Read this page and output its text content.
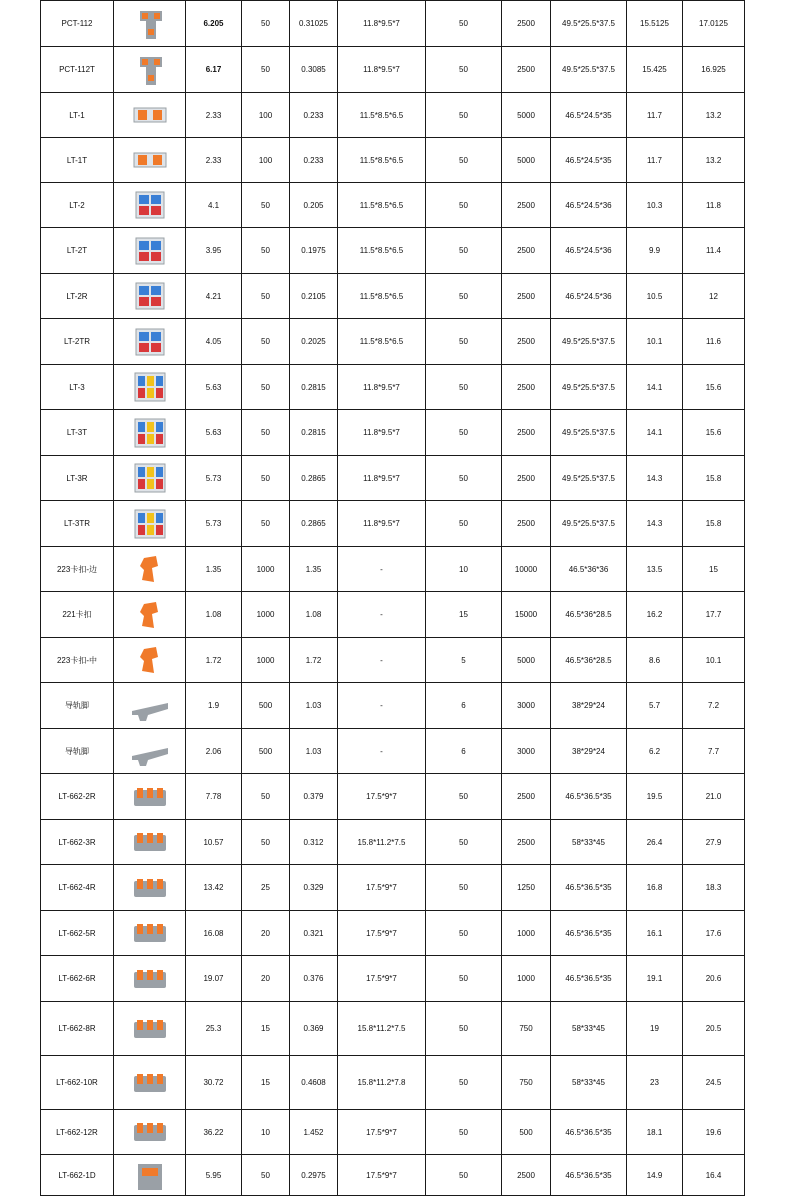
PCT-112		6.205	50	0.31025	11.8*9.5*7	50	2500	49.5*25.5*37.5	15.5125	17.0125

PCT-112T		6.17	50	0.3085	11.8*9.5*7	50	2500	49.5*25.5*37.5	15.425	16.925

LT-1		2.33	100	0.233	11.5*8.5*6.5	50	5000	46.5*24.5*35	11.7	13.2

LT-1T		2.33	100	0.233	11.5*8.5*6.5	50	5000	46.5*24.5*35	11.7	13.2

LT-2		4.1	50	0.205	11.5*8.5*6.5	50	2500	46.5*24.5*36	10.3	11.8

LT-2T		3.95	50	0.1975	11.5*8.5*6.5	50	2500	46.5*24.5*36	9.9	11.4

LT-2R		4.21	50	0.2105	11.5*8.5*6.5	50	2500	46.5*24.5*36	10.5	12

LT-2TR		4.05	50	0.2025	11.5*8.5*6.5	50	2500	49.5*25.5*37.5	10.1	11.6

LT-3		5.63	50	0.2815	11.8*9.5*7	50	2500	49.5*25.5*37.5	14.1	15.6

LT-3T		5.63	50	0.2815	11.8*9.5*7	50	2500	49.5*25.5*37.5	14.1	15.6

LT-3R		5.73	50	0.2865	11.8*9.5*7	50	2500	49.5*25.5*37.5	14.3	15.8

LT-3TR		5.73	50	0.2865	11.8*9.5*7	50	2500	49.5*25.5*37.5	14.3	15.8

223卡扣-边		1.35	1000	1.35	-	10	10000	46.5*36*36	13.5	15

221卡扣		1.08	1000	1.08	-	15	15000	46.5*36*28.5	16.2	17.7

223卡扣-中		1.72	1000	1.72	-	5	5000	46.5*36*28.5	8.6	10.1

导轨脚		1.9	500	1.03	-	6	3000	38*29*24	5.7	7.2

导轨脚		2.06	500	1.03	-	6	3000	38*29*24	6.2	7.7

LT-662-2R		7.78	50	0.379	17.5*9*7	50	2500	46.5*36.5*35	19.5	21.0

LT-662-3R		10.57	50	0.312	15.8*11.2*7.5	50	2500	58*33*45	26.4	27.9

LT-662-4R		13.42	25	0.329	17.5*9*7	50	1250	46.5*36.5*35	16.8	18.3

LT-662-5R		16.08	20	0.321	17.5*9*7	50	1000	46.5*36.5*35	16.1	17.6

LT-662-6R		19.07	20	0.376	17.5*9*7	50	1000	46.5*36.5*35	19.1	20.6

LT-662-8R		25.3	15	0.369	15.8*11.2*7.5	50	750	58*33*45	19	20.5

LT-662-10R		30.72	15	0.4608	15.8*11.2*7.8	50	750	58*33*45	23	24.5

LT-662-12R		36.22	10	1.452	17.5*9*7	50	500	46.5*36.5*35	18.1	19.6

LT-662-1D		5.95	50	0.2975	17.5*9*7	50	2500	46.5*36.5*35	14.9	16.4
